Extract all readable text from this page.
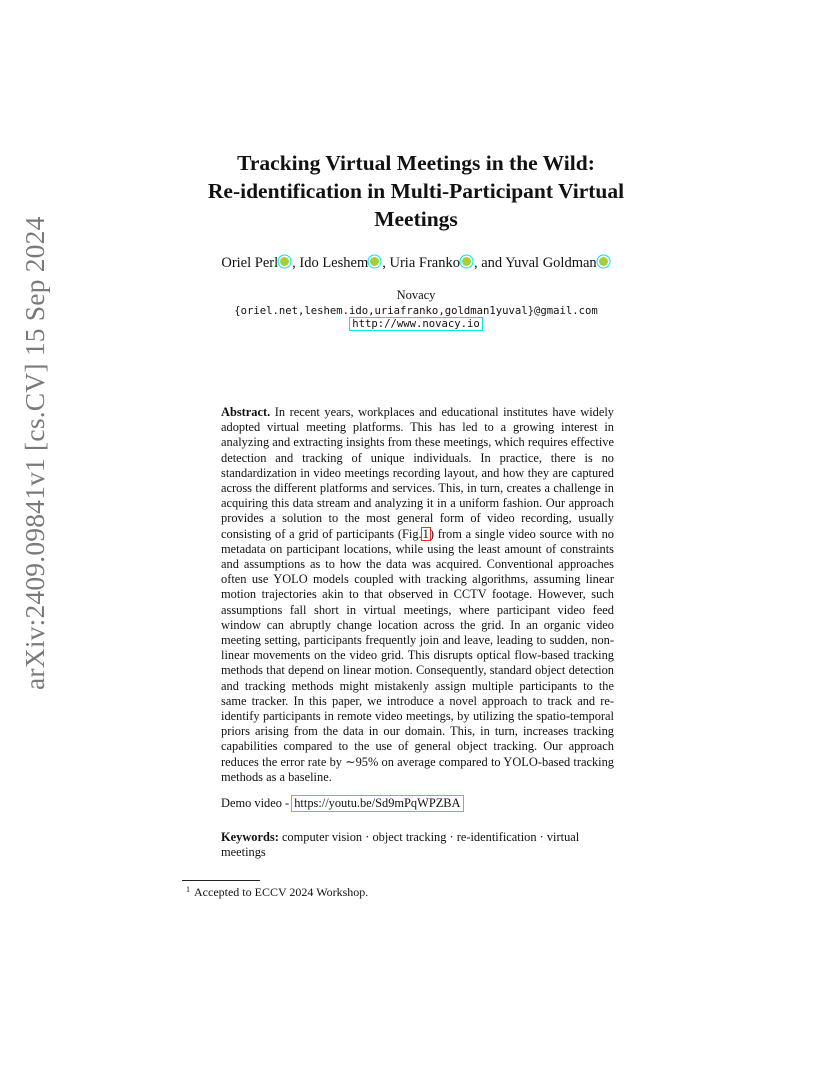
arXiv:2409.09841v1 [cs.CV] 15 Sep 2024
Tracking Virtual Meetings in the Wild:
Re-identification in Multi-Participant Virtual
Meetings
Oriel Perl , Ido Leshem , Uria Franko , and Yuval Goldman
Novacy
{oriel.net,leshem.ido,uriafranko,goldman1yuval}@gmail.com
http://www.novacy.io
Abstract. In recent years, workplaces and educational institutes have widely adopted virtual meeting platforms. This has led to a growing interest in analyzing and extracting insights from these meetings, which requires effective detection and tracking of unique individuals. In practice, there is no standardization in video meetings recording layout, and how they are captured across the different platforms and services. This, in turn, creates a challenge in acquiring this data stream and analyzing it in a uniform fashion. Our approach provides a solution to the most general form of video recording, usually consisting of a grid of participants (Fig.1) from a single video source with no metadata on participant locations, while using the least amount of constraints and assumptions as to how the data was acquired. Conventional approaches often use YOLO models coupled with tracking algorithms, assuming linear motion trajectories akin to that observed in CCTV footage. However, such assumptions fall short in virtual meetings, where participant video feed window can abruptly change location across the grid. In an organic video meeting setting, participants frequently join and leave, leading to sudden, non-linear movements on the video grid. This disrupts optical flow-based tracking methods that depend on linear motion. Consequently, standard object detection and tracking methods might mistakenly assign multiple participants to the same tracker. In this paper, we introduce a novel approach to track and re-identify participants in remote video meetings, by utilizing the spatio-temporal priors arising from the data in our domain. This, in turn, increases tracking capabilities compared to the use of general object tracking. Our approach reduces the error rate by ∼95% on average compared to YOLO-based tracking methods as a baseline.
Demo video - https://youtu.be/Sd9mPqWPZBA
Keywords: computer vision · object tracking · re-identification · virtual meetings
$^1$ Accepted to ECCV 2024 Workshop.
